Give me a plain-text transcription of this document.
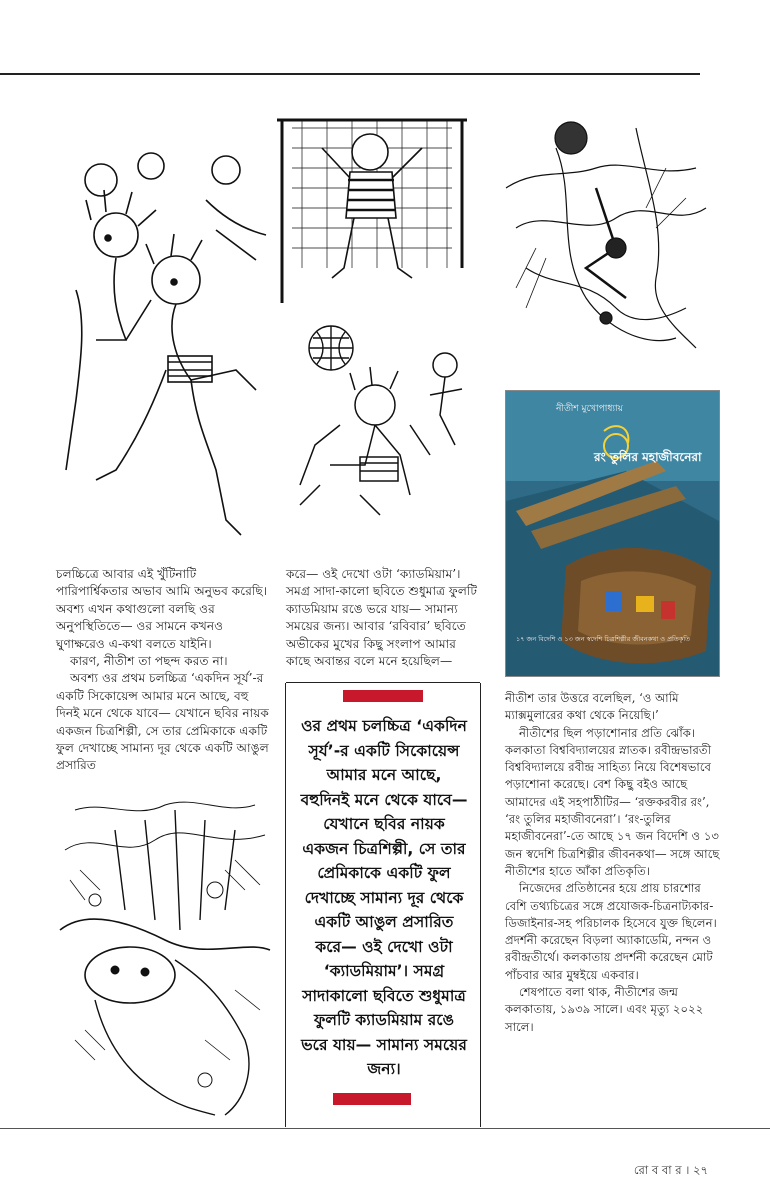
নীতীশ মুখোপাধ্যায়
রং তুলির মহাজীবনেরা
১৭ জন বিদেশি ও ১৩ জন স্বদেশি চিত্রশিল্পীর জীবনকথা ও প্রতিকৃতি

চলচ্চিত্রে আবার এই খুঁটিনাটি পারিপার্শ্বিকতার অভাব আমি অনুভব করেছি। অবশ্য এখন কথাগুলো বলছি ওর অনুপস্থিতিতে— ওর সামনে কখনও ঘুণাক্ষরেও এ-কথা বলতে যাইনি।

কারণ, নীতীশ তা পছন্দ করত না।

অবশ্য ওর প্রথম চলচ্চিত্র ‘একদিন সূর্য’-র একটি সিকোয়েন্স আমার মনে আছে, বহু দিনই মনে থেকে যাবে— যেখানে ছবির নায়ক একজন চিত্রশিল্পী, সে তার প্রেমিকাকে একটি ফুল দেখাচ্ছে সামান্য দূর থেকে একটি আঙুল প্রসারিত

করে— ওই দেখো ওটা ‘ক্যাডমিয়াম’। সমগ্র সাদা-কালো ছবিতে শুধুমাত্র ফুলটি ক্যাডমিয়াম রঙে ভরে যায়— সামান্য সময়ের জন্য। আবার ‘রবিবার’ ছবিতে অভীকের মুখের কিছু সংলাপ আমার কাছে অবান্তর বলে মনে হয়েছিল—

ওর প্রথম চলচ্চিত্র ‘একদিন সূর্য’-র একটি সিকোয়েন্স আমার মনে আছে, বহুদিনই মনে থেকে যাবে— যেখানে ছবির নায়ক একজন চিত্রশিল্পী, সে তার প্রেমিকাকে একটি ফুল দেখাচ্ছে সামান্য দূর থেকে একটি আঙুল প্রসারিত করে— ওই দেখো ওটা ‘ক্যাডমিয়াম’। সমগ্র সাদাকালো ছবিতে শুধুমাত্র ফুলটি ক্যাডমিয়াম রঙে ভরে যায়— সামান্য সময়ের জন্য।

নীতীশ তার উত্তরে বলেছিল, ‘ও আমি ম্যাক্সমুলারের কথা থেকে নিয়েছি।’

নীতীশের ছিল পড়াশোনার প্রতি ঝোঁক। কলকাতা বিশ্ববিদ্যালয়ের স্নাতক। রবীন্দ্রভারতী বিশ্ববিদ্যালয়ে রবীন্দ্র সাহিত্য নিয়ে বিশেষভাবে পড়াশোনা করেছে। বেশ কিছু বইও আছে আমাদের এই সহপাঠীটির— ‘রক্তকরবীর রং’, ‘রং তুলির মহাজীবনেরা’। ‘রং-তুলির মহাজীবনেরা’-তে আছে ১৭ জন বিদেশি ও ১৩ জন স্বদেশি চিত্রশিল্পীর জীবনকথা— সঙ্গে আছে নীতীশের হাতে আঁকা প্রতিকৃতি।

নিজেদের প্রতিষ্ঠানের হয়ে প্রায় চারশোর বেশি তথ্যচিত্রের সঙ্গে প্রযোজক-চিত্রনাট্যকার-ডিজাইনার-সহ পরিচালক হিসেবে যুক্ত ছিলেন। প্রদর্শনী করেছেন বিড়লা অ্যাকাডেমি, নন্দন ও রবীন্দ্রতীর্থে। কলকাতায় প্রদর্শনী করেছেন মোট পাঁচবার আর মুম্বইয়ে একবার।

শেষপাতে বলা থাক, নীতীশের জন্ম কলকাতায়, ১৯৩৯ সালে। এবং মৃত্যু ২০২২ সালে।

রো ব বা র । ২৭
